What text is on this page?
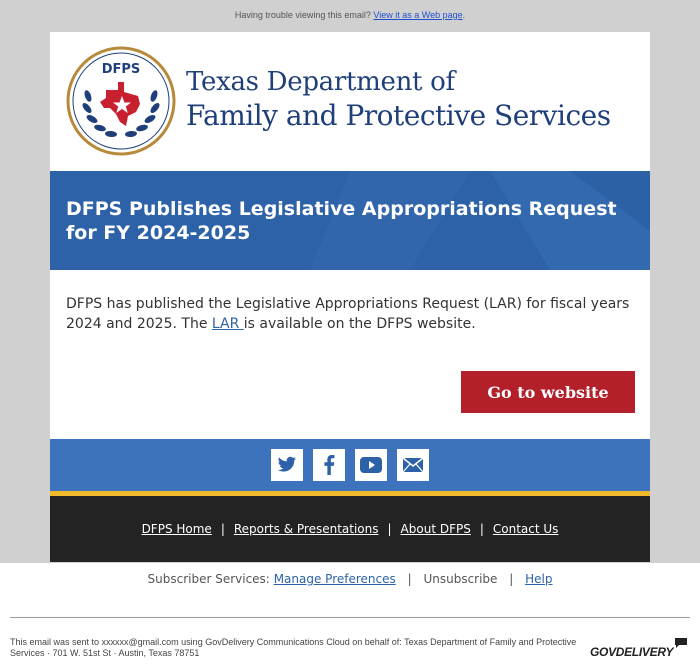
Having trouble viewing this email? View it as a Web page.
DFPS Texas Department of
Family and Protective Services
DFPS Publishes Legislative Appropriations Request for FY 2024-2025

DFPS has published the Legislative Appropriations Request (LAR) for fiscal years 2024 and 2025. The LAR is available on the DFPS website.

Go to website
DFPS Home | Reports & Presentations | About DFPS | Contact Us
Subscriber Services: Manage Preferences | Unsubscribe | Help
This email was sent to xxxxxx@gmail.com using GovDelivery Communications Cloud on behalf of: Texas Department of Family and Protective Services · 701 W. 51st St · Austin, Texas 78751	GOVDELIVERY
